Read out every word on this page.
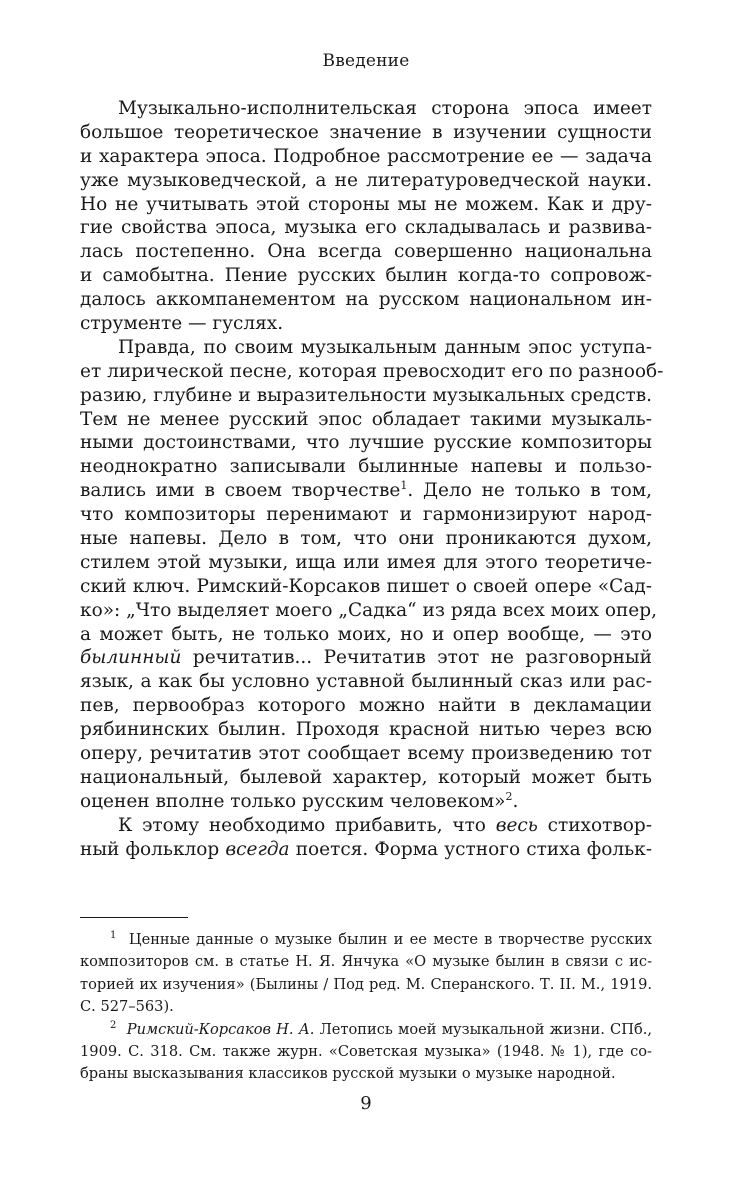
Введение
Музыкально-исполнительская сторона эпоса имеет
большое теоретическое значение в изучении сущности
и характера эпоса. Подробное рассмотрение ее — задача
уже музыковедческой, а не литературоведческой науки.
Но не учитывать этой стороны мы не можем. Как и дру-
гие свойства эпоса, музыка его складывалась и развива-
лась постепенно. Она всегда совершенно национальна
и самобытна. Пение русских былин когда-то сопровож-
далось аккомпанементом на русском национальном ин-
струменте — гуслях.
Правда, по своим музыкальным данным эпос уступа-
ет лирической песне, которая превосходит его по разнооб-
разию, глубине и выразительности музыкальных средств.
Тем не менее русский эпос обладает такими музыкаль-
ными достоинствами, что лучшие русские композиторы
неоднократно записывали былинные напевы и пользо-
вались ими в своем творчестве$^1$. Дело не только в том,
что композиторы перенимают и гармонизируют народ-
ные напевы. Дело в том, что они проникаются духом,
стилем этой музыки, ища или имея для этого теоретиче-
ский ключ. Римский-Корсаков пишет о своей опере «Сад-
ко»: „Что выделяет моего „Садка“ из ряда всех моих опер,
а может быть, не только моих, но и опер вообще, — это
былинный речитатив... Речитатив этот не разговорный
язык, а как бы условно уставной былинный сказ или рас-
пев, первообраз которого можно найти в декламации
рябининских былин. Проходя красной нитью через всю
оперу, речитатив этот сообщает всему произведению тот
национальный, былевой характер, который может быть
оценен вполне только русским человеком»$^2$.
К этому необходимо прибавить, что весь стихотвор-
ный фольклор всегда поется. Форма устного стиха фольк-
$^1$ Ценные данные о музыке былин и ее месте в творчестве русских
композиторов см. в статье Н. Я. Янчука «О музыке былин в связи с ис-
торией их изучения» (Былины / Под ред. М. Сперанского. Т. II. М., 1919.
С. 527–563).
$^2$ Римский-Корсаков Н. А. Летопись моей музыкальной жизни. СПб.,
1909. С. 318. См. также журн. «Советская музыка» (1948. № 1), где со-
браны высказывания классиков русской музыки о музыке народной.
9
